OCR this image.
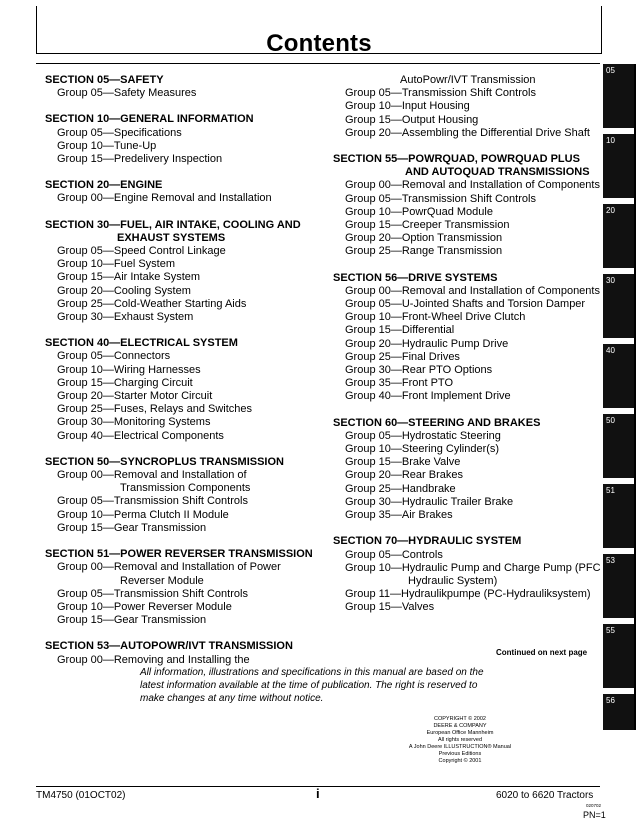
Contents
SECTION 05—SAFETY
Group 05—Safety Measures
SECTION 10—GENERAL INFORMATION
Group 05—Specifications
Group 10—Tune-Up
Group 15—Predelivery Inspection
SECTION 20—ENGINE
Group 00—Engine Removal and Installation
SECTION 30—FUEL, AIR INTAKE, COOLING AND
EXHAUST SYSTEMS
Group 05—Speed Control Linkage
Group 10—Fuel System
Group 15—Air Intake System
Group 20—Cooling System
Group 25—Cold-Weather Starting Aids
Group 30—Exhaust System
SECTION 40—ELECTRICAL SYSTEM
Group 05—Connectors
Group 10—Wiring Harnesses
Group 15—Charging Circuit
Group 20—Starter Motor Circuit
Group 25—Fuses, Relays and Switches
Group 30—Monitoring Systems
Group 40—Electrical Components
SECTION 50—SYNCROPLUS TRANSMISSION
Group 00—Removal and Installation of
Transmission Components
Group 05—Transmission Shift Controls
Group 10—Perma Clutch II Module
Group 15—Gear Transmission
SECTION 51—POWER REVERSER TRANSMISSION
Group 00—Removal and Installation of Power
Reverser Module
Group 05—Transmission Shift Controls
Group 10—Power Reverser Module
Group 15—Gear Transmission
SECTION 53—AUTOPOWR/IVT TRANSMISSION
Group 00—Removing and Installing the
AutoPowr/IVT Transmission
Group 05—Transmission Shift Controls
Group 10—Input Housing
Group 15—Output Housing
Group 20—Assembling the Differential Drive Shaft
SECTION 55—POWRQUAD, POWRQUAD PLUS
AND AUTOQUAD TRANSMISSIONS
Group 00—Removal and Installation of Components
Group 05—Transmission Shift Controls
Group 10—PowrQuad Module
Group 15—Creeper Transmission
Group 20—Option Transmission
Group 25—Range Transmission
SECTION 56—DRIVE SYSTEMS
Group 00—Removal and Installation of Components
Group 05—U-Jointed Shafts and Torsion Damper
Group 10—Front-Wheel Drive Clutch
Group 15—Differential
Group 20—Hydraulic Pump Drive
Group 25—Final Drives
Group 30—Rear PTO Options
Group 35—Front PTO
Group 40—Front Implement Drive
SECTION 60—STEERING AND BRAKES
Group 05—Hydrostatic Steering
Group 10—Steering Cylinder(s)
Group 15—Brake Valve
Group 20—Rear Brakes
Group 25—Handbrake
Group 30—Hydraulic Trailer Brake
Group 35—Air Brakes
SECTION 70—HYDRAULIC SYSTEM
Group 05—Controls
Group 10—Hydraulic Pump and Charge Pump (PFC
Hydraulic System)
Group 11—Hydraulikpumpe (PC-Hydrauliksystem)
Group 15—Valves
05
10
20
30
40
50
51
53
55
56
Continued on next page
All information, illustrations and specifications in this manual are based on the latest information available at the time of publication. The right is reserved to make changes at any time without notice.
COPYRIGHT © 2002
DEERE & COMPANY
European Office Mannheim
All rights reserved
A John Deere ILLUSTRUCTION® Manual
Previous Editions
Copyright © 2001
TM4750 (01OCT02)	i	6020 to 6620 Tractors
020702
PN=1
